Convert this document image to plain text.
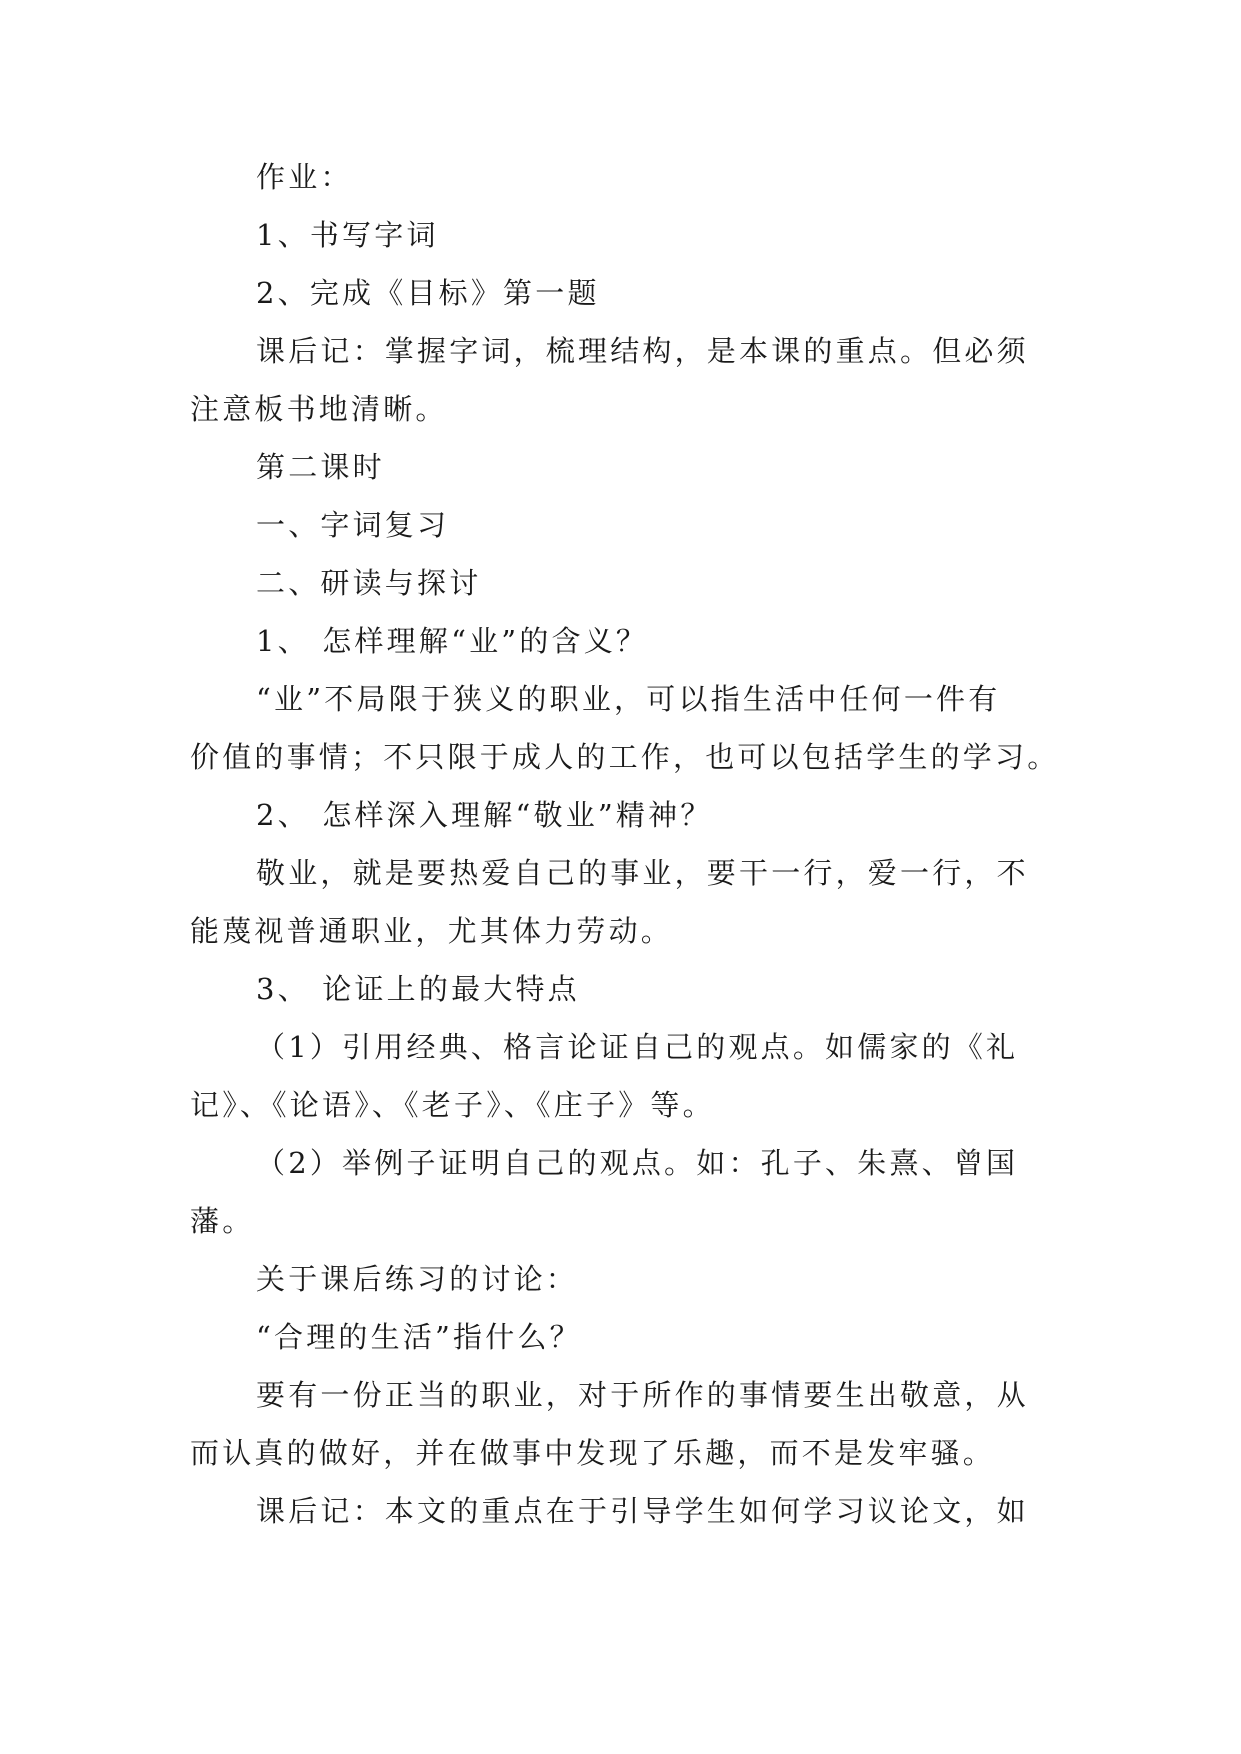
作业：
1、书写字词
2、完成《目标》第一题
课后记：掌握字词，梳理结构，是本课的重点。但必须
注意板书地清晰。
第二课时
一、字词复习
二、研读与探讨
1、 怎样理解“业”的含义？
“业”不局限于狭义的职业，可以指生活中任何一件有
价值的事情；不只限于成人的工作，也可以包括学生的学习。
2、 怎样深入理解“敬业”精神？
敬业，就是要热爱自己的事业，要干一行，爱一行，不
能蔑视普通职业，尤其体力劳动。
3、 论证上的最大特点
（1）引用经典、格言论证自己的观点。如儒家的《礼
记》、《论语》、《老子》、《庄子》等。
（2）举例子证明自己的观点。如：孔子、朱熹、曾国
藩。
关于课后练习的讨论：
“合理的生活”指什么？
要有一份正当的职业，对于所作的事情要生出敬意，从
而认真的做好，并在做事中发现了乐趣，而不是发牢骚。
课后记：本文的重点在于引导学生如何学习议论文，如
